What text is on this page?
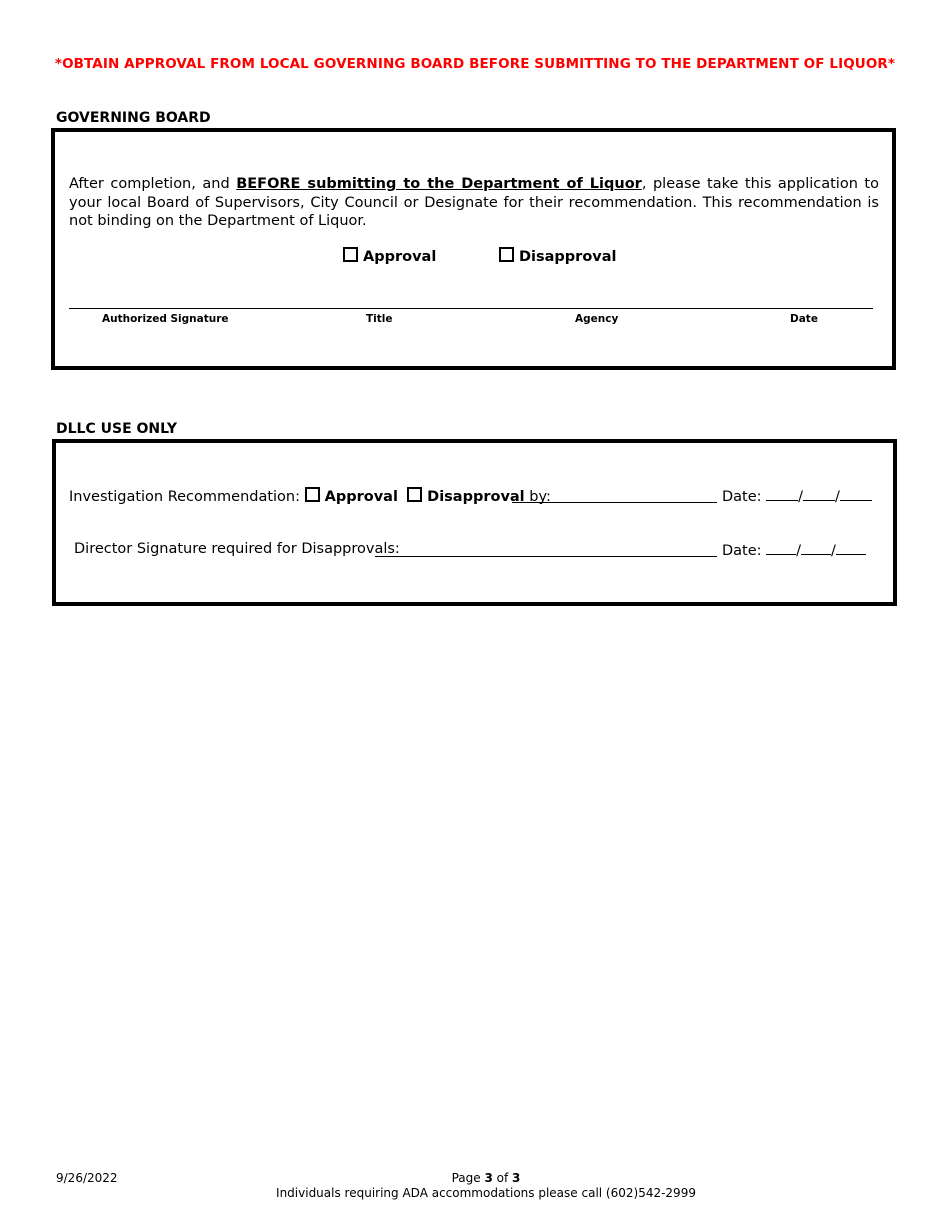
*OBTAIN APPROVAL FROM LOCAL GOVERNING BOARD BEFORE SUBMITTING TO THE DEPARTMENT OF LIQUOR*
GOVERNING BOARD
After completion, and BEFORE submitting to the Department of Liquor, please take this application to your local Board of Supervisors, City Council or Designate for their recommendation. This recommendation is not binding on the Department of Liquor.
Approval	Disapproval
Authorized Signature	Title	Agency	Date
DLLC USE ONLY
Investigation Recommendation: Approval Disapproval by:	Date:	/ /
Director Signature required for Disapprovals:	Date: / /
9/26/2022	Page 3 of 3
Individuals requiring ADA accommodations please call (602)542-2999
